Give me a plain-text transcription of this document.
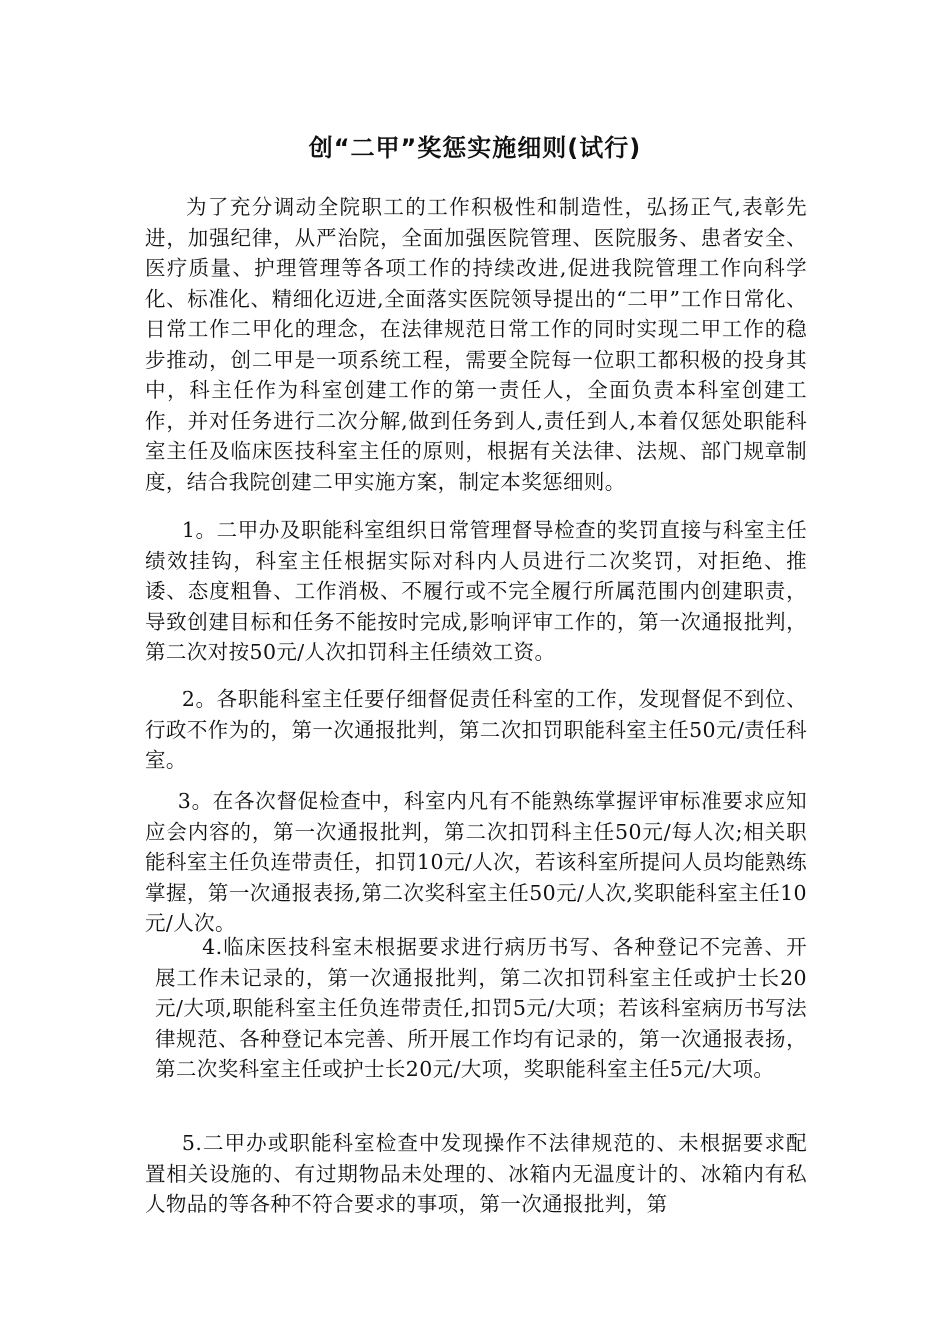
创“二甲”奖惩实施细则(试行)

为了充分调动全院职工的工作积极性和制造性，弘扬正气,表彰先进，加强纪律，从严治院，全面加强医院管理、医院服务、患者安全、医疗质量、护理管理等各项工作的持续改进,促进我院管理工作向科学化、标准化、精细化迈进,全面落实医院领导提出的“二甲”工作日常化、日常工作二甲化的理念，在法律规范日常工作的同时实现二甲工作的稳步推动，创二甲是一项系统工程，需要全院每一位职工都积极的投身其中，科主任作为科室创建工作的第一责任人，全面负责本科室创建工作，并对任务进行二次分解,做到任务到人,责任到人,本着仅惩处职能科室主任及临床医技科室主任的原则，根据有关法律、法规、部门规章制度，结合我院创建二甲实施方案，制定本奖惩细则。

1。二甲办及职能科室组织日常管理督导检查的奖罚直接与科室主任绩效挂钩，科室主任根据实际对科内人员进行二次奖罚，对拒绝、推诿、态度粗鲁、工作消极、不履行或不完全履行所属范围内创建职责，导致创建目标和任务不能按时完成,影响评审工作的，第一次通报批判，第二次对按50元/人次扣罚科主任绩效工资。

2。各职能科室主任要仔细督促责任科室的工作，发现督促不到位、行政不作为的，第一次通报批判，第二次扣罚职能科室主任50元/责任科室。

3。在各次督促检查中，科室内凡有不能熟练掌握评审标准要求应知应会内容的，第一次通报批判，第二次扣罚科主任50元/每人次;相关职能科室主任负连带责任，扣罚10元/人次，若该科室所提问人员均能熟练掌握，第一次通报表扬,第二次奖科室主任50元/人次,奖职能科室主任10元/人次。

4.临床医技科室未根据要求进行病历书写、各种登记不完善、开展工作未记录的，第一次通报批判，第二次扣罚科室主任或护士长20元/大项,职能科室主任负连带责任,扣罚5元/大项；若该科室病历书写法律规范、各种登记本完善、所开展工作均有记录的，第一次通报表扬，第二次奖科室主任或护士长20元/大项，奖职能科室主任5元/大项。

5.二甲办或职能科室检查中发现操作不法律规范的、未根据要求配置相关设施的、有过期物品未处理的、冰箱内无温度计的、冰箱内有私人物品的等各种不符合要求的事项，第一次通报批判，第
